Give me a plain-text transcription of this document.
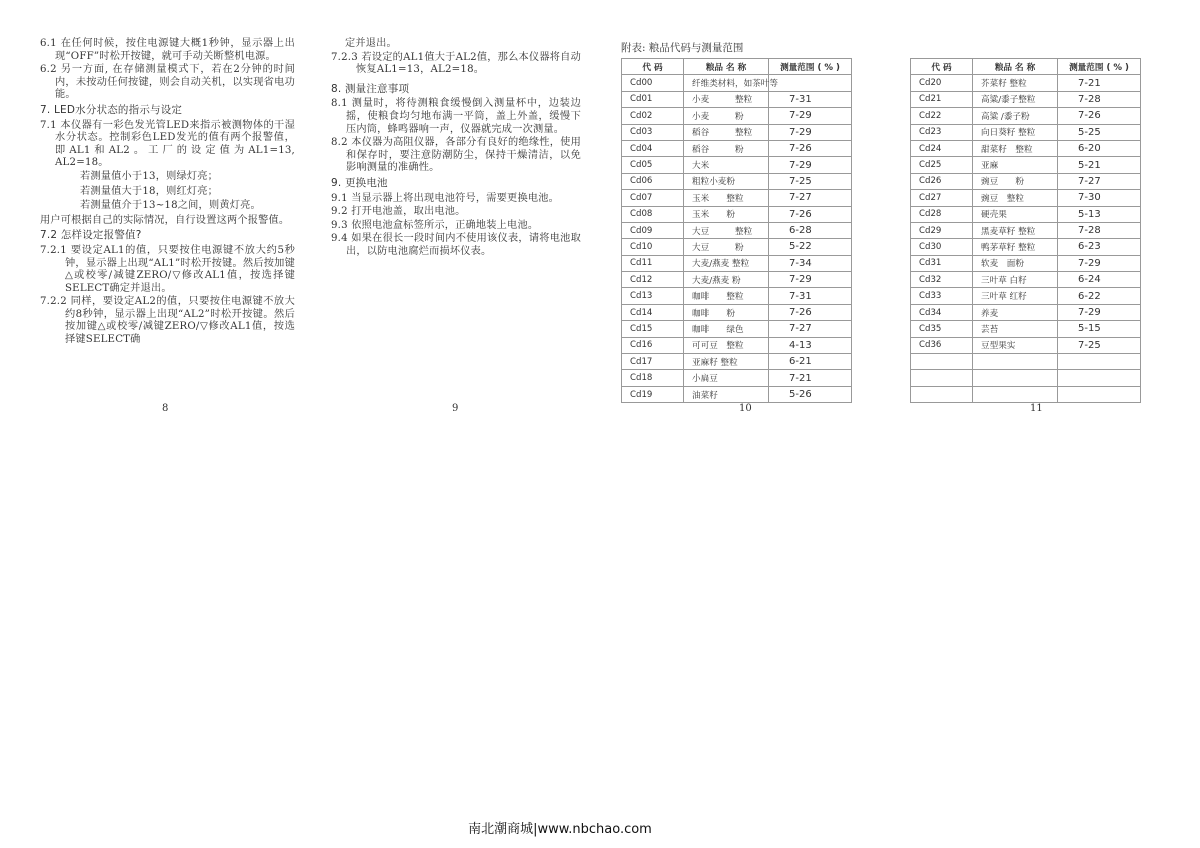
6.1 在任何时候，按住电源键大概1秒钟，显示器上出现“OFF”时松开按键，就可手动关断整机电源。

6.2 另一方面, 在存储测量模式下，若在2分钟的时间内，未按动任何按键，则会自动关机，以实现省电功能。

7. LED水分状态的指示与设定

7.1 本仪器有一彩色发光管LED来指示被测物体的干湿水分状态。控制彩色LED发光的值有两个报警值，即AL1和AL2。工厂的设定值为AL1=13, AL2=18。

若测量值小于13，则绿灯亮；

若测量值大于18，则红灯亮；

若测量值介于13~18之间，则黄灯亮。

用户可根据自己的实际情况，自行设置这两个报警值。

7.2 怎样设定报警值?

7.2.1 要设定AL1的值，只要按住电源键不放大约5秒钟，显示器上出现“AL1”时松开按键。然后按加键△或校零/减键ZERO/▽修改AL1值，按选择键SELECT确定并退出。

7.2.2 同样，要设定AL2的值，只要按住电源键不放大约8秒钟，显示器上出现“AL2”时松开按键。然后按加键△或校零/减键ZERO/▽修改AL1值，按选择键SELECT确

8

定并退出。

7.2.3 若设定的AL1值大于AL2值，那么本仪器将自动恢复AL1=13，AL2=18。

8. 测量注意事项

8.1 测量时，将待测粮食缓慢倒入测量杯中，边装边摇，使粮食均匀地布满一平筒，盖上外盖，缓慢下压内筒，蜂鸣器响一声，仪器就完成一次测量。

8.2 本仪器为高阻仪器，各部分有良好的绝缘性，使用和保存时，要注意防潮防尘，保持干燥清洁，以免影响测量的准确性。

9. 更换电池

9.1 当显示器上将出现电池符号，需要更换电池。

9.2 打开电池盖，取出电池。

9.3 依照电池盒标签所示，正确地装上电池。

9.4 如果在很长一段时间内不使用该仪表，请将电池取出，以防电池腐烂而损坏仪表。

9
附表: 粮品代码与测量范围
代 码	粮品 名 称	测量范围 ( % )
Cd00	纤维类材料，如茶叶等	
Cd01	小麦　　　整粒	7-31
Cd02	小麦　　　粉	7-29
Cd03	稻谷　　　整粒	7-29
Cd04	稻谷　　　粉	7-26
Cd05	大米	7-29
Cd06	粗粒小麦粉	7-25
Cd07	玉米　　整粒	7-27
Cd08	玉米　　粉	7-26
Cd09	大豆　　　整粒	6-28
Cd10	大豆　　　粉	5-22
Cd11	大麦/燕麦 整粒	7-34
Cd12	大麦/燕麦 粉	7-29
Cd13	咖啡　　整粒	7-31
Cd14	咖啡　　粉	7-26
Cd15	咖啡　　绿色	7-27
Cd16	可可豆　整粒	4-13
Cd17	亚麻籽 整粒	6-21
Cd18	小扁豆	7-21
Cd19	油菜籽	5-26
10
代 码	粮品 名 称	测量范围 ( % )
Cd20	芥菜籽 整粒	7-21
Cd21	高粱/黍子整粒	7-28
Cd22	高粱 /黍子粉	7-26
Cd23	向日葵籽 整粒	5-25
Cd24	甜菜籽　整粒	6-20
Cd25	亚麻	5-21
Cd26	豌豆　　粉	7-27
Cd27	豌豆　整粒	7-30
Cd28	硬壳果	5-13
Cd29	黑麦草籽 整粒	7-28
Cd30	鸭茅草籽 整粒	6-23
Cd31	软麦　面粉	7-29
Cd32	三叶草 白籽	6-24
Cd33	三叶草 红籽	6-22
Cd34	养麦	7-29
Cd35	芸苔	5-15
Cd36	豆型果实	7-25

11
南北潮商城|www.nbchao.com
